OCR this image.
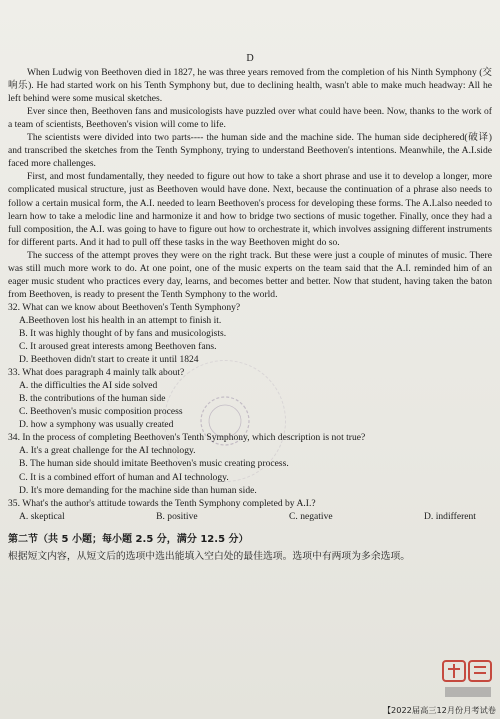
D

When Ludwig von Beethoven died in 1827, he was three years removed from the completion of his Ninth Symphony (交响乐). He had started work on his Tenth Symphony but, due to declining health, wasn't able to make much headway: All he left behind were some musical sketches.

Ever since then, Beethoven fans and musicologists have puzzled over what could have been. Now, thanks to the work of a team of scientists, Beethoven's vision will come to life.

The scientists were divided into two parts---- the human side and the machine side. The human side deciphered(破译) and transcribed the sketches from the Tenth Symphony, trying to understand Beethoven's intentions. Meanwhile, the A.I.side faced more challenges.

First, and most fundamentally, they needed to figure out how to take a short phrase and use it to develop a longer, more complicated musical structure, just as Beethoven would have done. Next, because the continuation of a phrase also needs to follow a certain musical form, the A.I. needed to learn Beethoven's process for developing these forms. The A.I.also needed to learn how to take a melodic line and harmonize it and how to bridge two sections of music together. Finally, once they had a full composition, the A.I. was going to have to figure out how to orchestrate it, which involves assigning different instruments for different parts. And it had to pull off these tasks in the way Beethoven might do so.

The success of the attempt proves they were on the right track. But these were just a couple of minutes of music. There was still much more work to do. At one point, one of the music experts on the team said that the A.I. reminded him of an eager music student who practices every day, learns, and becomes better and better. Now that student, having taken the baton from Beethoven, is ready to present the Tenth Symphony to the world.

32. What can we know about Beethoven's Tenth Symphony?

A.Beethoven lost his health in an attempt to finish it.

B. It was highly thought of by fans and musicologists.

C. It aroused great interests among Beethoven fans.

D. Beethoven didn't start to create it until 1824

33. What does paragraph 4 mainly talk about?

A. the difficulties the AI side solved

B. the contributions of the human side

C. Beethoven's music composition process

D. how a symphony was usually created

34. In the process of completing Beethoven's Tenth Symphony, which description is not true?

A. It's a great challenge for the AI technology.

B. The human side should imitate Beethoven's music creating process.

C. It is a combined effort of human and AI technology.

D. It's more demanding for the machine side than human side.

35. What's the author's attitude towards the Tenth Symphony completed by A.I.?

A. skeptical	B. positive	C. negative	D. indifferent

第二节（共 5 小题；每小题 2.5 分，满分 12.5 分）

根据短文内容，从短文后的选项中选出能填入空白处的最佳选项。选项中有两项为多余选项。

【2022届高三12月份月考试卷
